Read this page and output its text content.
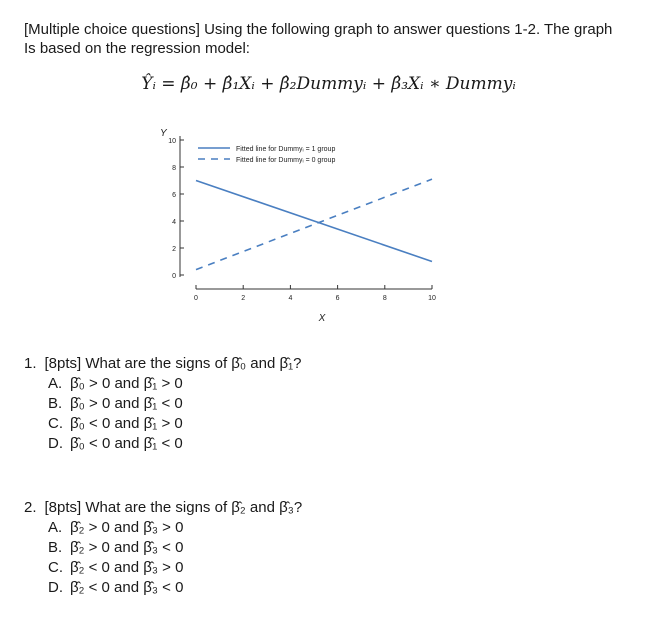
[Multiple choice questions] Using the following graph to answer questions 1-2. The graph
Is based on the regression model:
Ŷᵢ = β̂₀ + β̂₁Xᵢ + β̂₂Dummyᵢ + β̂₃Xᵢ ∗ Dummyᵢ
0
2
4
6
8
10
0	2	4	6	8	10
Y
X
Fitted line for Dummyᵢ = 1 group
Fitted line for Dummyᵢ = 0 group
1. [8pts] What are the signs of β̂₀ and β̂₁?
A. β̂₀ > 0 and β̂₁ > 0
B. β̂₀ > 0 and β̂₁ < 0
C. β̂₀ < 0 and β̂₁ > 0
D. β̂₀ < 0 and β̂₁ < 0
2. [8pts] What are the signs of β̂₂ and β̂₃?
A. β̂₂ > 0 and β̂₃ > 0
B. β̂₂ > 0 and β̂₃ < 0
C. β̂₂ < 0 and β̂₃ > 0
D. β̂₂ < 0 and β̂₃ < 0
